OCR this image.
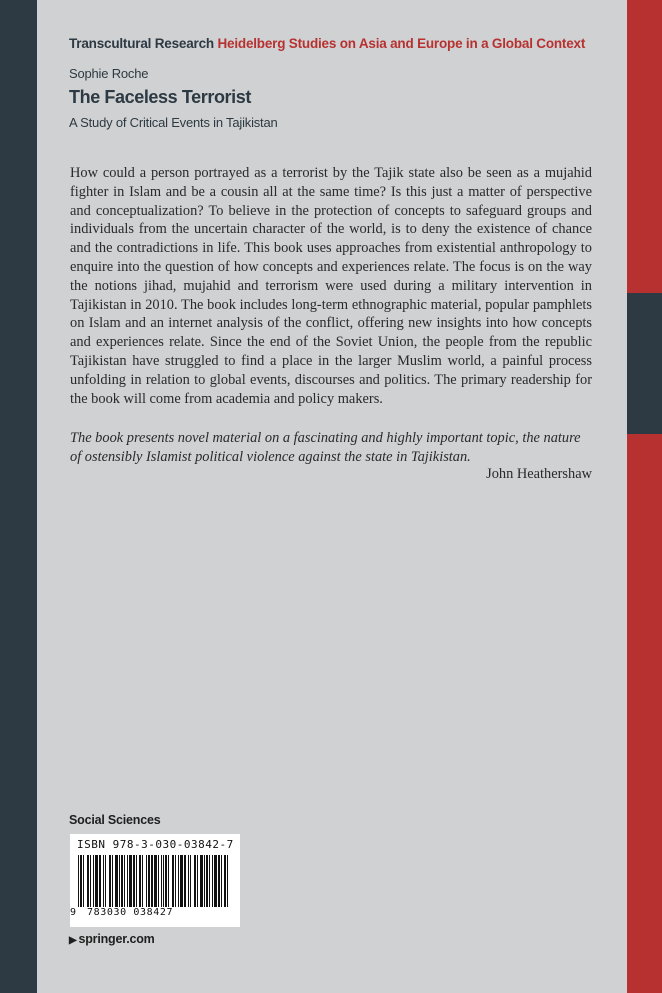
Transcultural Research Heidelberg Studies on Asia and Europe in a Global Context
Sophie Roche
The Faceless Terrorist
A Study of Critical Events in Tajikistan

How could a person portrayed as a terrorist by the Tajik state also be seen as a mujahid fighter in Islam and be a cousin all at the same time? Is this just a matter of perspective and conceptualization? To believe in the protection of concepts to safeguard groups and individuals from the uncertain character of the world, is to deny the existence of chance and the contradictions in life. This book uses approaches from existential anthropology to enquire into the question of how concepts and experiences relate. The focus is on the way the notions jihad, mujahid and terrorism were used during a military intervention in Tajikistan in 2010. The book includes long-term ethnographic material, popular pamphlets on Islam and an internet analysis of the conflict, offering new insights into how concepts and experiences relate. Since the end of the Soviet Union, the people from the republic Tajikistan have struggled to find a place in the larger Muslim world, a painful process unfolding in relation to global events, discourses and politics. The primary readership for the book will come from academia and policy makers.

The book presents novel material on a fascinating and highly important topic, the nature of ostensibly Islamist political violence against the state in Tajikistan.

John Heathershaw
Social Sciences
ISBN 978-3-030-03842-7
9 783030 038427
▶ springer.com
